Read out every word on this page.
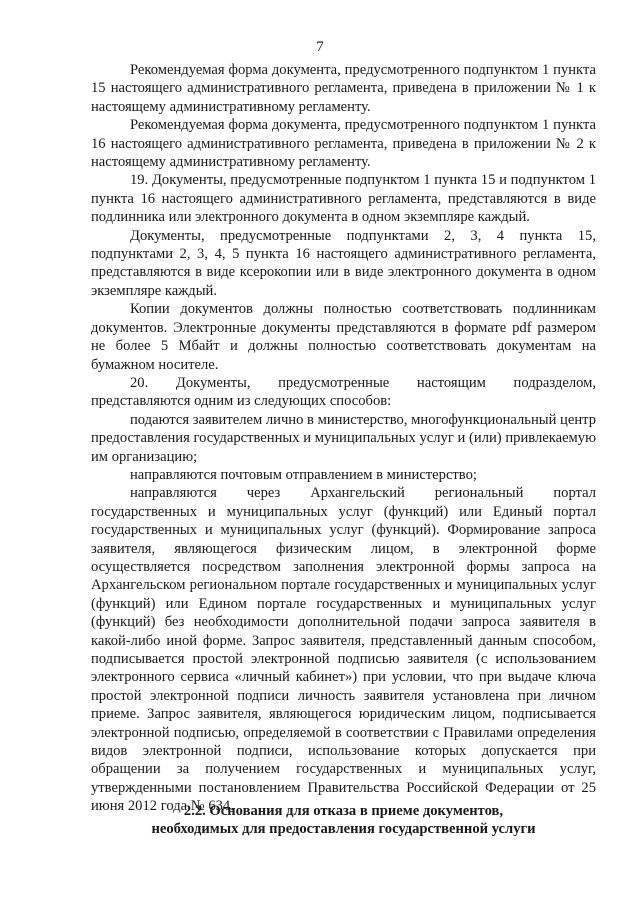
7

Рекомендуемая форма документа, предусмотренного подпунктом 1 пункта 15 настоящего административного регламента, приведена в приложении № 1 к настоящему административному регламенту.

Рекомендуемая форма документа, предусмотренного подпунктом 1 пункта 16 настоящего административного регламента, приведена в приложении № 2 к настоящему административному регламенту.

19. Документы, предусмотренные подпунктом 1 пункта 15 и подпунктом 1 пункта 16 настоящего административного регламента, представляются в виде подлинника или электронного документа в одном экземпляре каждый.

Документы, предусмотренные подпунктами 2, 3, 4 пункта 15, подпунктами 2, 3, 4, 5 пункта 16 настоящего административного регламента, представляются в виде ксерокопии или в виде электронного документа в одном экземпляре каждый.

Копии документов должны полностью соответствовать подлинникам документов. Электронные документы представляются в формате pdf размером не более 5 Мбайт и должны полностью соответствовать документам на бумажном носителе.

20. Документы, предусмотренные настоящим подразделом, представляются одним из следующих способов:

подаются заявителем лично в министерство, многофункциональный центр предоставления государственных и муниципальных услуг и (или) привлекаемую им организацию;

направляются почтовым отправлением в министерство;

направляются через Архангельский региональный портал государственных и муниципальных услуг (функций) или Единый портал государственных и муниципальных услуг (функций). Формирование запроса заявителя, являющегося физическим лицом, в электронной форме осуществляется посредством заполнения электронной формы запроса на Архангельском региональном портале государственных и муниципальных услуг (функций) или Едином портале государственных и муниципальных услуг (функций) без необходимости дополнительной подачи запроса заявителя в какой-либо иной форме. Запрос заявителя, представленный данным способом, подписывается простой электронной подписью заявителя (с использованием электронного сервиса «личный кабинет») при условии, что при выдаче ключа простой электронной подписи личность заявителя установлена при личном приеме. Запрос заявителя, являющегося юридическим лицом, подписывается электронной подписью, определяемой в соответствии с Правилами определения видов электронной подписи, использование которых допускается при обращении за получением государственных и муниципальных услуг, утвержденными постановлением Правительства Российской Федерации от 25 июня 2012 года № 634.

2.2. Основания для отказа в приеме документов,
необходимых для предоставления государственной услуги
